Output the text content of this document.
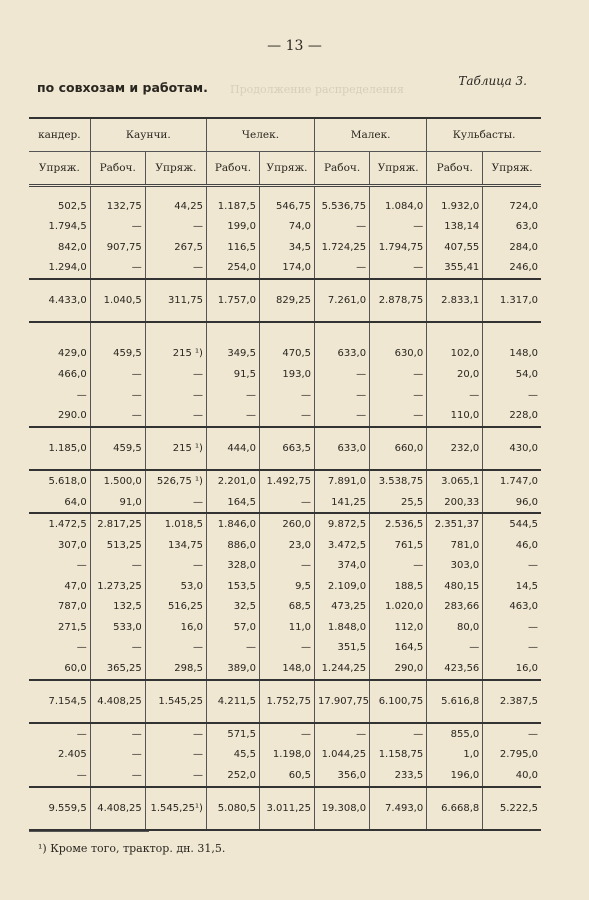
— 13 —
по совхозам и работам.	Таблица 3.
Продолжение распределения
кандер.	Каунчи.		Челек.		Малек.		Кульбасты.	
Упряж.	Рабоч.	Упряж.	Рабоч.	Упряж.	Рабоч.	Упряж.	Рабоч.	Упряж.

502,5	132,75	44,25	1.187,5	546,75	5.536,75	1.084,0	1.932,0	724,0
1.794,5	—	—	199,0	74,0	—	—	138,14	63,0
842,0	907,75	267,5	116,5	34,5	1.724,25	1.794,75	407,55	284,0
1.294,0	—	—	254,0	174,0	—	—	355,41	246,0
4.433,0	1.040,5	311,75	1.757,0	829,25	7.261,0	2.878,75	2.833,1	1.317,0

429,0	459,5	215 ¹)	349,5	470,5	633,0	630,0	102,0	148,0
466,0	—	—	91,5	193,0	—	—	20,0	54,0
—	—	—	—	—	—	—	—	—
290.0	—	—	—	—	—	—	110,0	228,0
1.185,0	459,5	215 ¹)	444,0	663,5	633,0	660,0	232,0	430,0
5.618,0	1.500,0	526,75 ¹)	2.201,0	1.492,75	7.891,0	3.538,75	3.065,1	1.747,0
64,0	91,0	—	164,5	—	141,25	25,5	200,33	96,0
1.472,5	2.817,25	1.018,5	1.846,0	260,0	9.872,5	2.536,5	2.351,37	544,5
307,0	513,25	134,75	886,0	23,0	3.472,5	761,5	781,0	46,0
—	—	—	328,0	—	374,0	—	303,0	—
47,0	1.273,25	53,0	153,5	9,5	2.109,0	188,5	480,15	14,5
787,0	132,5	516,25	32,5	68,5	473,25	1.020,0	283,66	463,0
271,5	533,0	16,0	57,0	11,0	1.848,0	112,0	80,0	—
—	—	—	—	—	351,5	164,5	—	—
60,0	365,25	298,5	389,0	148,0	1.244,25	290,0	423,56	16,0
7.154,5	4.408,25	1.545,25	4.211,5	1.752,75	17.907,75	6.100,75	5.616,8	2.387,5
—	—	—	571,5	—	—	—	855,0	—
2.405	—	—	45,5	1.198,0	1.044,25	1.158,75	1,0	2.795,0
—	—	—	252,0	60,5	356,0	233,5	196,0	40,0
9.559,5	4.408,25	1.545,25¹)	5.080,5	3.011,25	19.308,0	7.493,0	6.668,8	5.222,5
¹) Кроме того, трактор. дн. 31,5.
